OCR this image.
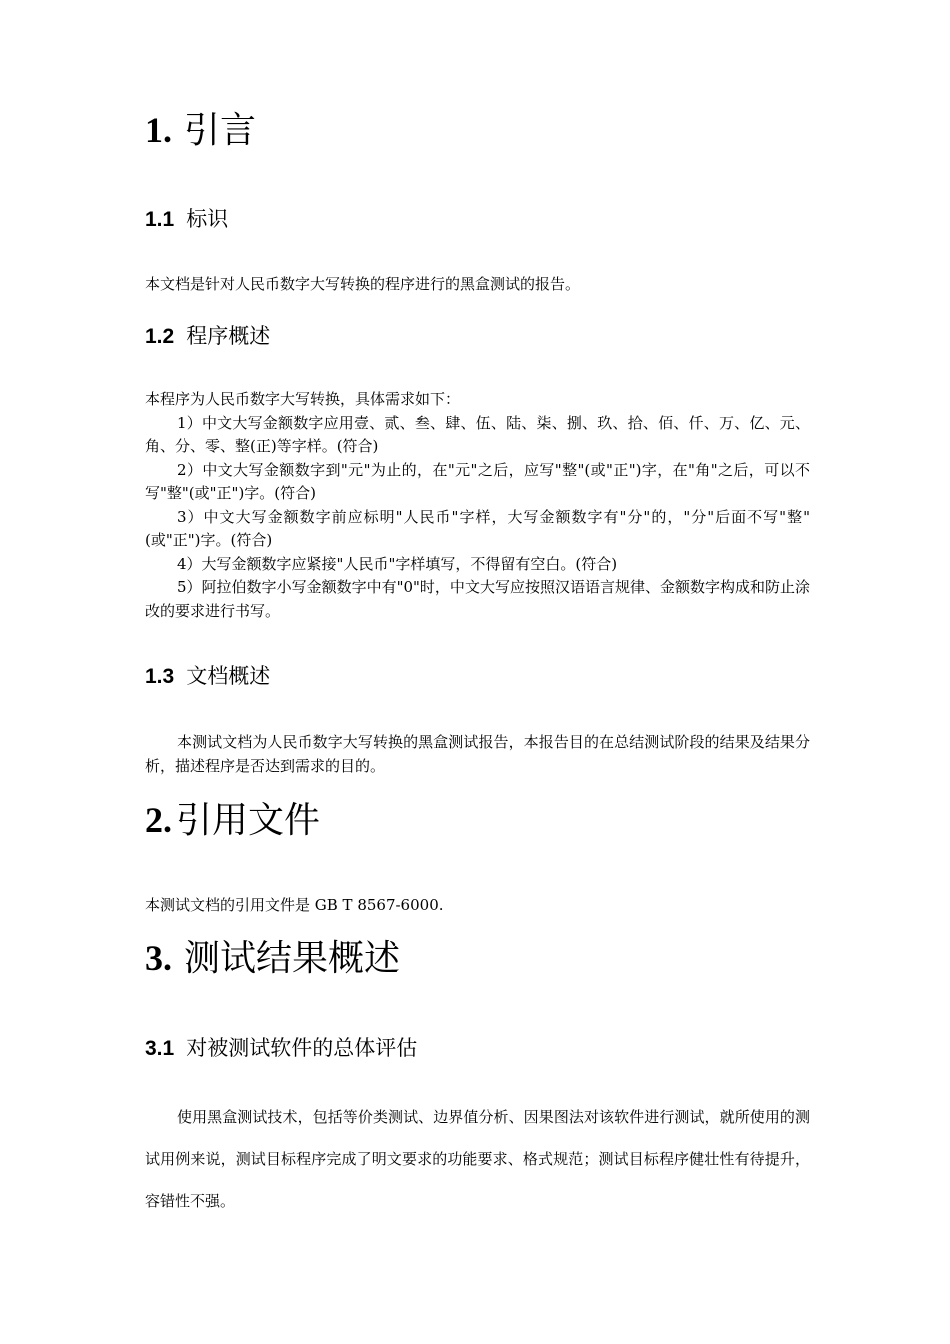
1. 引言
1.1 标识

本文档是针对人民币数字大写转换的程序进行的黑盒测试的报告。

1.2 程序概述

本程序为人民币数字大写转换，具体需求如下：

1）中文大写金额数字应用壹、贰、叁、肆、伍、陆、柒、捌、玖、拾、佰、仟、万、亿、元、角、分、零、整(正)等字样。(符合)

2）中文大写金额数字到"元"为止的，在"元"之后，应写"整"(或"正")字，在"角"之后，可以不写"整"(或"正")字。(符合)

3）中文大写金额数字前应标明"人民币"字样，大写金额数字有"分"的，"分"后面不写"整"(或"正")字。(符合)

4）大写金额数字应紧接"人民币"字样填写，不得留有空白。(符合)

5）阿拉伯数字小写金额数字中有"0"时，中文大写应按照汉语语言规律、金额数字构成和防止涂改的要求进行书写。

1.3 文档概述

本测试文档为人民币数字大写转换的黑盒测试报告，本报告目的在总结测试阶段的结果及结果分析，描述程序是否达到需求的目的。

2. 引用文件

本测试文档的引用文件是 GB T 8567-6000.

3. 测试结果概述
3.1 对被测试软件的总体评估

使用黑盒测试技术，包括等价类测试、边界值分析、因果图法对该软件进行测试，就所使用的测试用例来说，测试目标程序完成了明文要求的功能要求、格式规范；测试目标程序健壮性有待提升，容错性不强。
